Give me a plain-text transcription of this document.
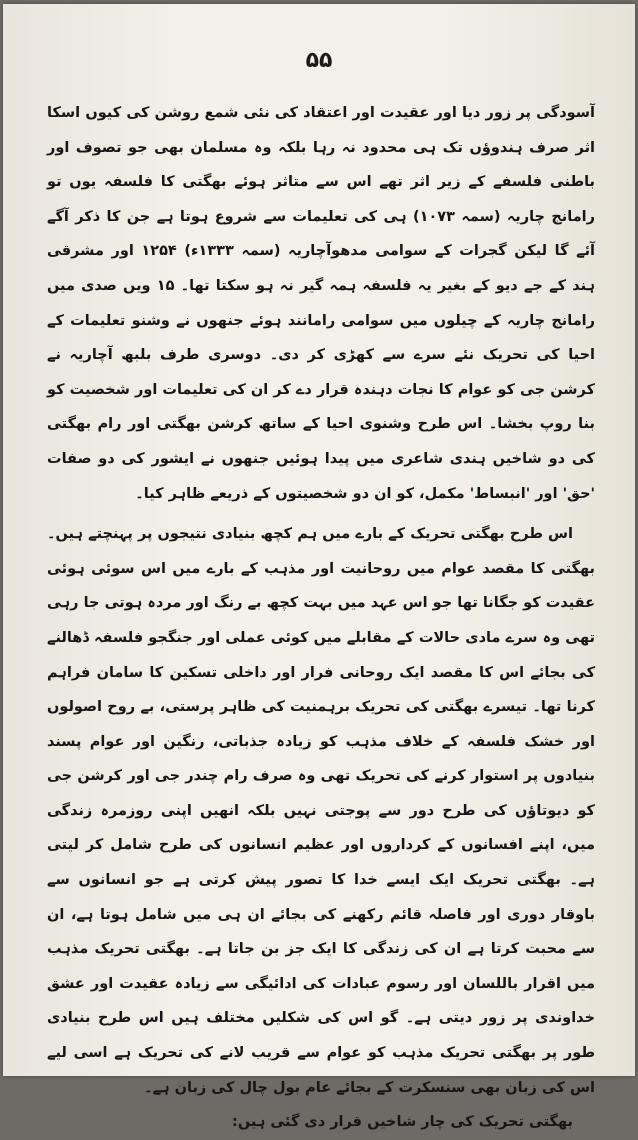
۵۵

آسودگی پر زور دیا اور عقیدت اور اعتقاد کی نئی شمع روشن کی کیوں اسکا اثر صرف ہندوؤں تک ہی محدود نہ رہا بلکہ وہ مسلمان بھی جو تصوف اور باطنی فلسفے کے زیر اثر تھے اس سے متاثر ہوئے بھگتی کا فلسفہ یوں تو رامانج چاریہ (سمہ ۱۰۷۳) ہی کی تعلیمات سے شروع ہوتا ہے جن کا ذکر آگے آئے گا لیکن گجرات کے سوامی مدھوآچاریہ (سمہ ۱۳۳۳ء) ۱۲۵۴ اور مشرقی ہند کے جے دیو کے بغیر یہ فلسفہ ہمہ گیر نہ ہو سکتا تھا۔ ۱۵ ویں صدی میں رامانج چاریہ کے چیلوں میں سوامی رامانند ہوئے جنھوں نے وشنو تعلیمات کے احیا کی تحریک نئے سرے سے کھڑی کر دی۔ دوسری طرف بلبھ آچاریہ نے کرشن جی کو عوام کا نجات دہندہ قرار دے کر ان کی تعلیمات اور شخصیت کو بنا روپ بخشا۔ اس طرح وشنوی احیا کے ساتھ کرشن بھگتی اور رام بھگتی کی دو شاخیں ہندی شاعری میں پیدا ہوئیں جنھوں نے ایشور کی دو صفات 'حق' اور 'انبساط' مکمل، کو ان دو شخصیتوں کے ذریعے ظاہر کیا۔

اس طرح بھگتی تحریک کے بارے میں ہم کچھ بنیادی نتیجوں پر پہنچتے ہیں۔ بھگتی کا مقصد عوام میں روحانیت اور مذہب کے بارے میں اس سوئی ہوئی عقیدت کو جگانا تھا جو اس عہد میں بہت کچھ بے رنگ اور مردہ ہوتی جا رہی تھی وہ سرے مادی حالات کے مقابلے میں کوئی عملی اور جنگجو فلسفہ ڈھالنے کی بجائے اس کا مقصد ایک روحانی فرار اور داخلی تسکین کا سامان فراہم کرنا تھا۔ تیسرے بھگتی کی تحریک برہمنیت کی ظاہر پرستی، بے روح اصولوں اور خشک فلسفہ کے خلاف مذہب کو زیادہ جذباتی، رنگین اور عوام پسند بنیادوں پر استوار کرنے کی تحریک تھی وہ صرف رام چندر جی اور کرشن جی کو دیوتاؤں کی طرح دور سے پوجتی نہیں بلکہ انھیں اپنی روزمرہ زندگی میں، اپنے افسانوں کے کرداروں اور عظیم انسانوں کی طرح شامل کر لیتی ہے۔ بھگتی تحریک ایک ایسے خدا کا تصور پیش کرتی ہے جو انسانوں سے باوقار دوری اور فاصلہ قائم رکھنے کی بجائے ان ہی میں شامل ہوتا ہے، ان سے محبت کرتا ہے ان کی زندگی کا ایک جز بن جاتا ہے۔ بھگتی تحریک مذہب میں اقرار باللسان اور رسوم عبادات کی ادائیگی سے زیادہ عقیدت اور عشق خداوندی پر زور دیتی ہے۔ گو اس کی شکلیں مختلف ہیں اس طرح بنیادی طور پر بھگتی تحریک مذہب کو عوام سے قریب لانے کی تحریک ہے اسی لیے اس کی زبان بھی سنسکرت کے بجائے عام بول چال کی زبان ہے۔

بھگتی تحریک کی چار شاخیں قرار دی گئی ہیں:
